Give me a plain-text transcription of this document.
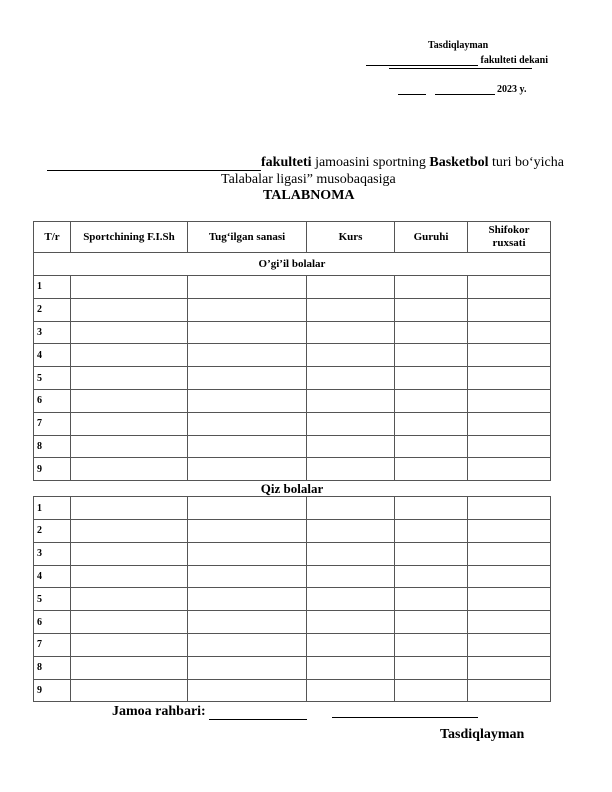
Tasdiqlayman
fakulteti dekani
2023 y.
fakulteti jamoasini sportning Basketbol turi bo‘yicha
Talabalar ligasi” musobaqasiga
TALABNOMA
T/r	Sportchining F.I.Sh	Tug‘ilgan sanasi	Kurs	Guruhi	Shifokor ruxsati
O’gi’il bolalar					
1					
2					
3					
4					
5					
6					
7					
8					
9					
Qiz bolalar					
1					
2					
3					
4					
5					
6					
7					
8					
9					
Jamoa rahbari:
Tasdiqlayman
